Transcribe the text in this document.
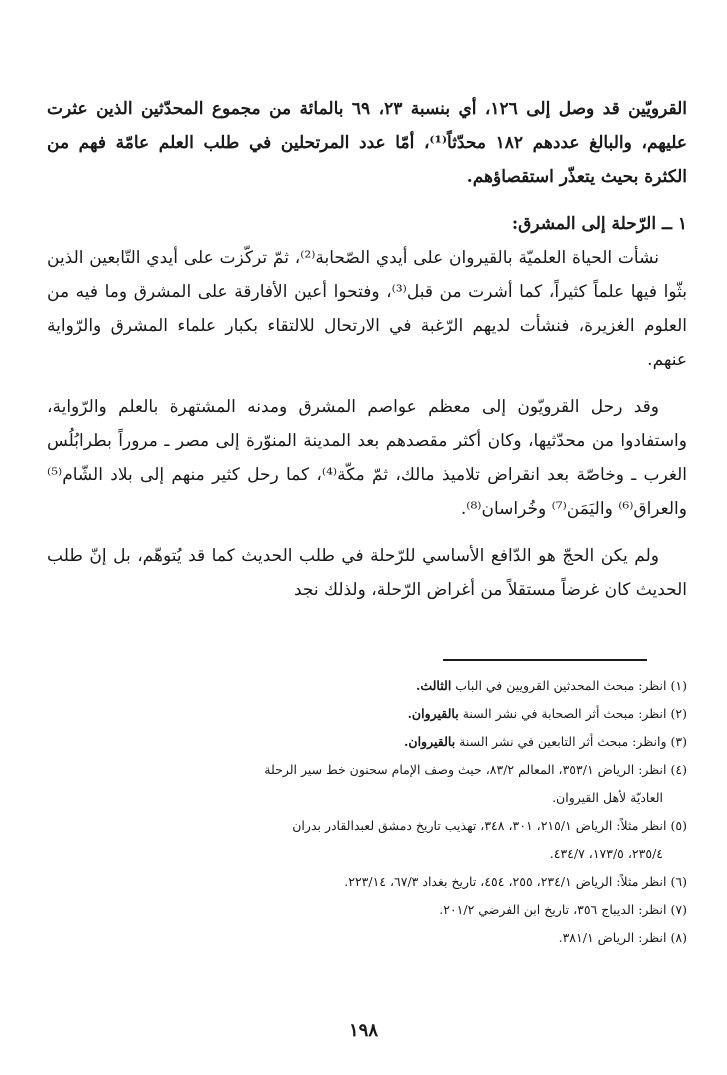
القرويّين قد وصل إلى ١٢٦، أي بنسبة ٢٣، ٦٩ بالمائة من مجموع المحدّثين الذين عثرت عليهم، والبالغ عددهم ١٨٢ محدّثاً⁽¹⁾، أمّا عدد المرتحلين في طلب العلم عامّة فهم من الكثرة بحيث يتعذّر استقصاؤهم.

١ ــ الرّحلة إلى المشرق:

نشأت الحياة العلميّة بالقيروان على أيدي الصّحابة⁽²⁾، ثمّ تركّزت على أيدي التّابعين الذين بثّوا فيها علماً كثيراً، كما أشرت من قبل⁽³⁾، وفتحوا أعين الأفارقة على المشرق وما فيه من العلوم الغزيرة، فنشأت لديهم الرّغبة في الارتحال للالتقاء بكبار علماء المشرق والرّواية عنهم.

وقد رحل القرويّون إلى معظم عواصم المشرق ومدنه المشتهرة بالعلم والرّواية، واستفادوا من محدّثيها، وكان أكثر مقصدهم بعد المدينة المنوّرة إلى مصر ـ مروراً بطرابُلُس الغرب ـ وخاصّة بعد انقراض تلاميذ مالك، ثمّ مكّة⁽⁴⁾، كما رحل كثير منهم إلى بلاد الشّام⁽⁵⁾ والعراق⁽⁶⁾ واليَمَن⁽⁷⁾ وخُراسان⁽⁸⁾.

ولم يكن الحجّ هو الدّافع الأساسي للرّحلة في طلب الحديث كما قد يُتوهّم، بل إنّ طلب الحديث كان غرضاً مستقلاً من أغراض الرّحلة، ولذلك نجد

(١) انظر: مبحث المحدثين القرويين في الباب الثالث.
(٢) انظر: مبحث أثر الصحابة في نشر السنة بالقيروان.
(٣) وانظر: مبحث أثر التابعين في نشر السنة بالقيروان.
(٤) انظر: الرياض ٣٥٣/١، المعالم ٨٣/٢، حيث وصف الإمام سحنون خط سير الرحلة
العاديّة لأهل القيروان.
(٥) انظر مثلاً: الرياض ٢١٥/١، ٣٠١، ٣٤٨، تهذيب تاريخ دمشق لعبدالقادر بدران
٢٣٥/٤، ١٧٣/٥، ٤٣٤/٧.
(٦) انظر مثلاً: الرياض ٢٣٤/١، ٢٥٥، ٤٥٤، تاريخ بغداد ٦٧/٣، ٢٢٣/١٤.
(٧) انظر: الديباج ٣٥٦، تاريخ ابن الفرضي ٢٠١/٢.
(٨) انظر: الرياض ٣٨١/١.
١٩٨
